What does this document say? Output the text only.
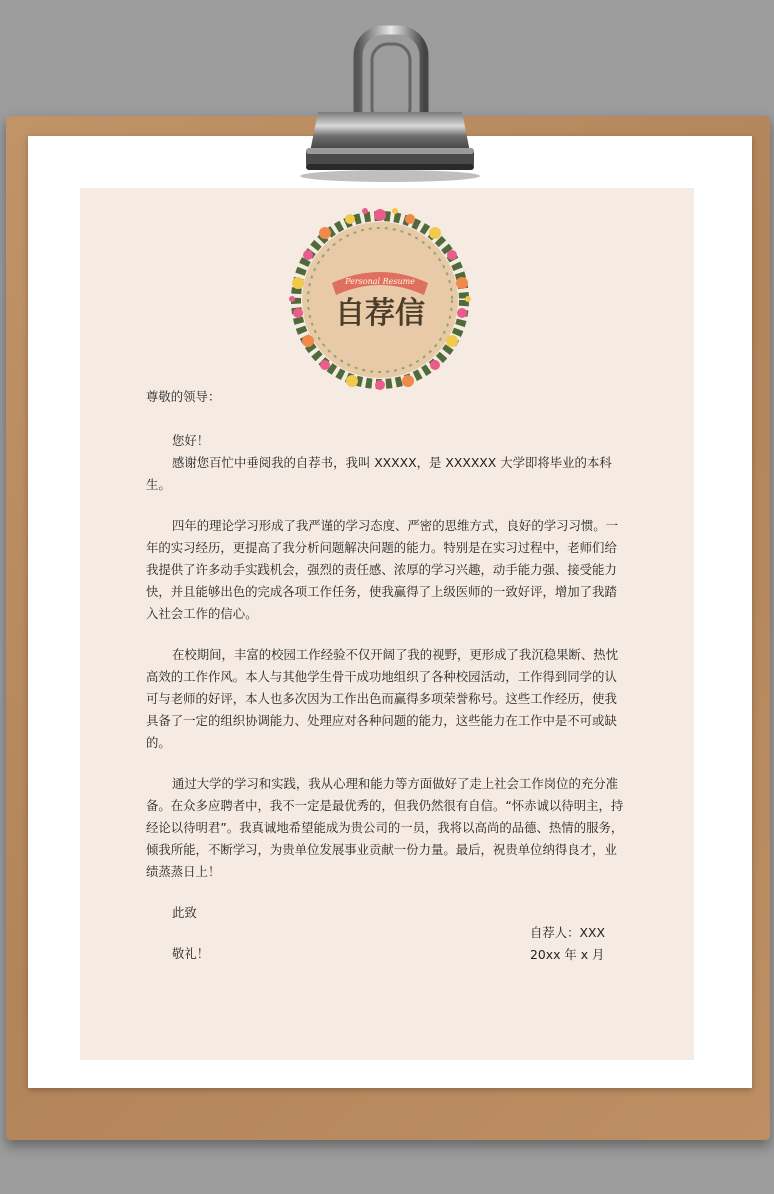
Personal Resume
自荐信

尊敬的领导：

您好！

感谢您百忙中垂阅我的自荐书，我叫 XXXXX，是 XXXXXX 大学即将毕业的本科生。

四年的理论学习形成了我严谨的学习态度、严密的思维方式，良好的学习习惯。一年的实习经历，更提高了我分析问题解决问题的能力。特别是在实习过程中，老师们给我提供了许多动手实践机会，强烈的责任感、浓厚的学习兴趣，动手能力强、接受能力快，并且能够出色的完成各项工作任务，使我赢得了上级医师的一致好评，增加了我踏入社会工作的信心。

在校期间，丰富的校园工作经验不仅开阔了我的视野，更形成了我沉稳果断、热忱高效的工作作风。本人与其他学生骨干成功地组织了各种校园活动，工作得到同学的认可与老师的好评，本人也多次因为工作出色而赢得多项荣誉称号。这些工作经历，使我具备了一定的组织协调能力、处理应对各种问题的能力，这些能力在工作中是不可或缺的。

通过大学的学习和实践，我从心理和能力等方面做好了走上社会工作岗位的充分准备。在众多应聘者中，我不一定是最优秀的，但我仍然很有自信。“怀赤诚以待明主，持经论以待明君”。我真诚地希望能成为贵公司的一员，我将以高尚的品德、热情的服务，倾我所能，不断学习，为贵单位发展事业贡献一份力量。最后，祝贵单位纳得良才，业绩蒸蒸日上！

此致

敬礼！

自荐人：XXX
20xx 年 x 月
